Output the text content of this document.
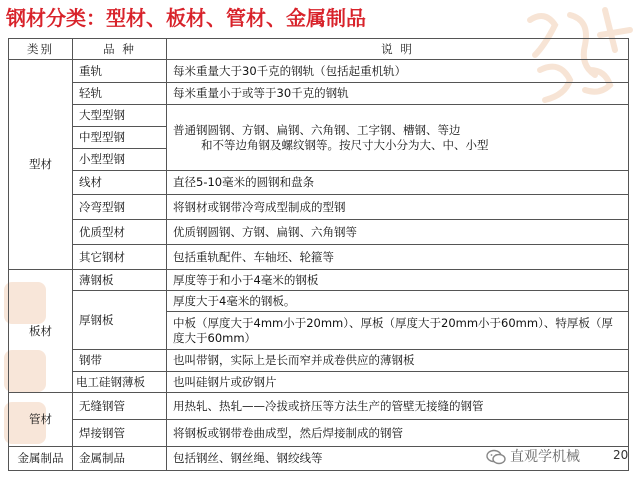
钢材分类：型材、板材、管材、金属制品
类别	品 种	说 明
型材	重轨	每米重量大于30千克的钢轨（包括起重机轨）
	轻轨	每米重量小于或等于30千克的钢轨
	大型型钢	普通钢圆钢、方钢、扁钢、六角钢、工字钢、槽钢、等边
和不等边角钢及螺纹钢等。按尺寸大小分为大、中、小型

	中型型钢	
	小型型钢	
	线材	直径5-10毫米的圆钢和盘条
	冷弯型钢	将钢材或钢带冷弯成型制成的型钢
	优质型材	优质钢圆钢、方钢、扁钢、六角钢等
	其它钢材	包括重轨配件、车轴坯、轮箍等
板材	薄钢板	厚度等于和小于4毫米的钢板
	厚钢板	厚度大于4毫米的钢板。
		中板（厚度大于4mm小于20mm）、厚板（厚度大于20mm小于60mm）、特厚板（厚度大于60mm）
	钢带	也叫带钢，实际上是长而窄并成卷供应的薄钢板
	电工硅钢薄板	也叫硅钢片或矽钢片
管材	无缝钢管	用热轧、热轧——冷拔或挤压等方法生产的管壁无接缝的钢管
	焊接钢管	将钢板或钢带卷曲成型，然后焊接制成的钢管
金属制品	金属制品	包括钢丝、钢丝绳、钢绞线等	直观学机械	20
